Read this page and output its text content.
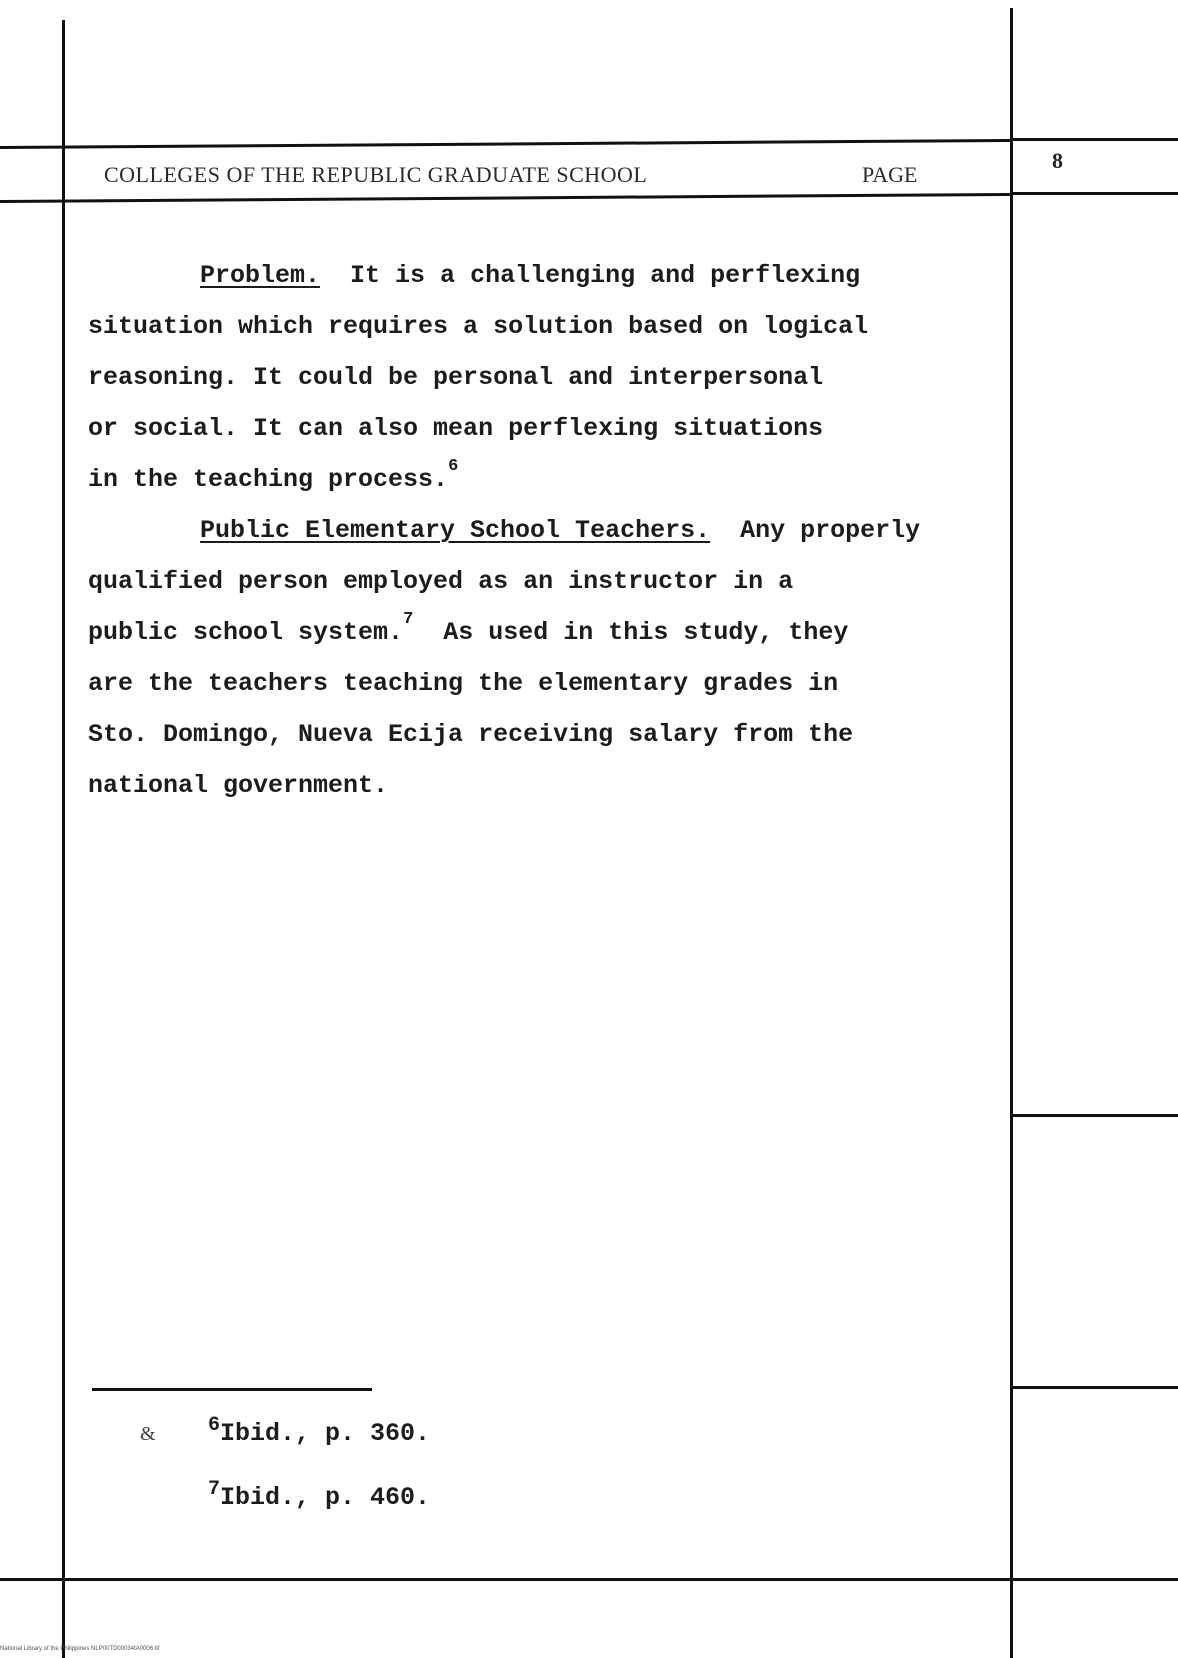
COLLEGES OF THE REPUBLIC GRADUATE SCHOOL	PAGE
8
Problem. It is a challenging and perflexing
situation which requires a solution based on logical
reasoning. It could be personal and interpersonal
or social. It can also mean perflexing situations
in the teaching process.$^6$
Public Elementary School Teachers. Any properly
qualified person employed as an instructor in a
public school system.$^7$ As used in this study, they
are the teachers teaching the elementary grades in
Sto. Domingo, Nueva Ecija receiving salary from the
national government.
&	$^6$Ibid., p. 360.
$^7$Ibid., p. 460.
National Library of the Philippines NLP00TD00034tA0006.tif
